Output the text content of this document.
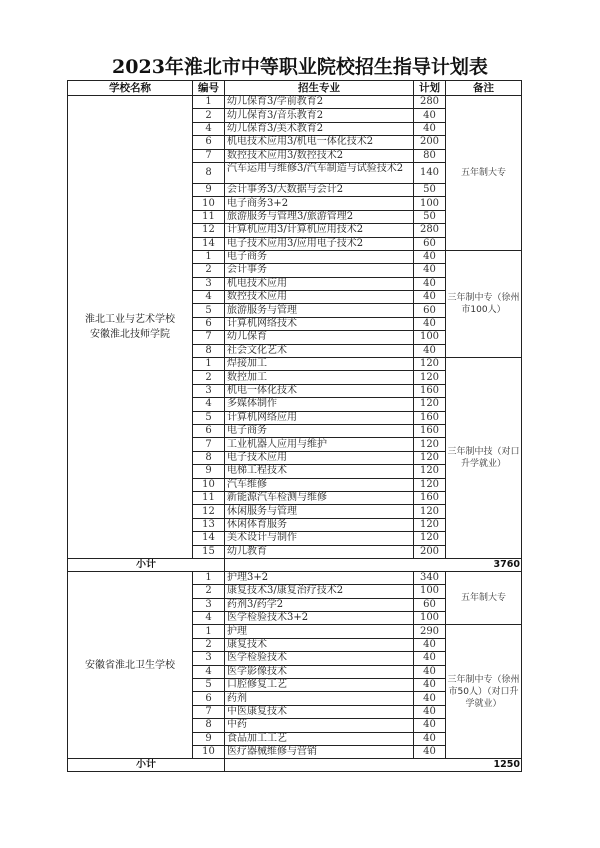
2023年淮北市中等职业院校招生指导计划表
学校名称	编号	招生专业	计划	备注

淮北工业与艺术学校
安徽淮北技师学院	1	幼儿保育3/学前教育2	280	五年制大专
	2	幼儿保育3/音乐教育2	40	
	4	幼儿保育3/美术教育2	40	
	6	机电技术应用3/机电一体化技术2	200	
	7	数控技术应用3/数控技术2	80	
	8	汽车运用与维修3/汽车制造与试验技术2	140	
	9	会计事务3/大数据与会计2	50	
	10	电子商务3+2	100	
	11	旅游服务与管理3/旅游管理2	50	
	12	计算机应用3/计算机应用技术2	280	
	14	电子技术应用3/应用电子技术2	60	
	1	电子商务	40	三年制中专（徐州市100人）
	2	会计事务	40	
	3	机电技术应用	40	
	4	数控技术应用	40	
	5	旅游服务与管理	60	
	6	计算机网络技术	40	
	7	幼儿保育	100	
	8	社会文化艺术	40	
	1	焊接加工	120	三年制中技（对口升学就业）
	2	数控加工	120	
	3	机电一体化技术	160	
	4	多媒体制作	120	
	5	计算机网络应用	160	
	6	电子商务	160	
	7	工业机器人应用与维护	120	
	8	电子技术应用	120	
	9	电梯工程技术	120	
	10	汽车维修	120	
	11	新能源汽车检测与维修	160	
	12	休闲服务与管理	120	
	13	休闲体育服务	120	
	14	美术设计与制作	120	
	15	幼儿教育	200	
小计		3760		

安徽省淮北卫生学校	1	护理3+2	340	五年制大专
	2	康复技术3/康复治疗技术2	100	
	3	药剂3/药学2	60	
	4	医学检验技术3+2	100	
	1	护理	290	三年制中专（徐州市50人）（对口升学就业）
	2	康复技术	40	
	3	医学检验技术	40	
	4	医学影像技术	40	
	5	口腔修复工艺	40	
	6	药剂	40	
	7	中医康复技术	40	
	8	中药	40	
	9	食品加工工艺	40	
	10	医疗器械维修与营销	40	
小计		1250		
